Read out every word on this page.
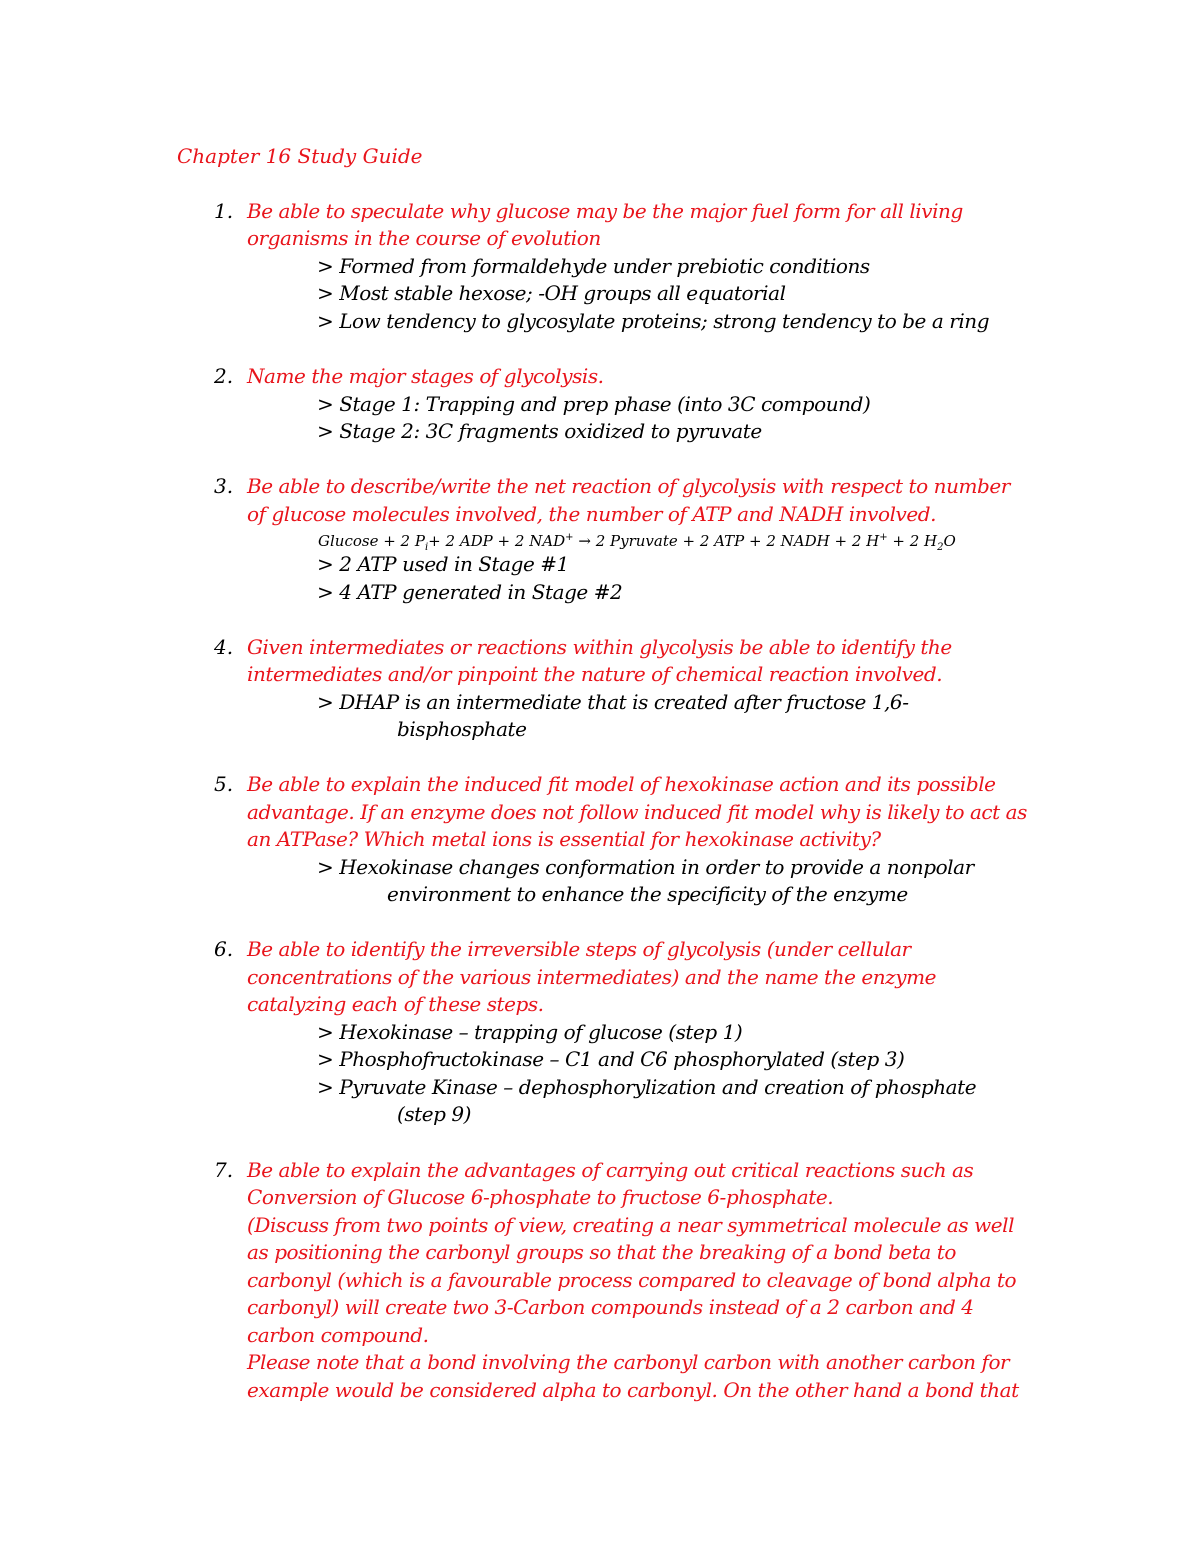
Chapter 16 Study Guide
1. Be able to speculate why glucose may be the major fuel form for all living
organisms in the course of evolution
> Formed from formaldehyde under prebiotic conditions
> Most stable hexose; -OH groups all equatorial
> Low tendency to glycosylate proteins; strong tendency to be a ring
2. Name the major stages of glycolysis.
> Stage 1: Trapping and prep phase (into 3C compound)
> Stage 2: 3C fragments oxidized to pyruvate
3. Be able to describe/write the net reaction of glycolysis with respect to number
of glucose molecules involved, the number of ATP and NADH involved.
Glucose + 2 $P_i+ 2$ ADP + 2 NAD+ → 2 Pyruvate + 2 ATP + 2 NADH + 2 H+ + 2 $H_2O$
> 2 ATP used in Stage #1
> 4 ATP generated in Stage #2
4. Given intermediates or reactions within glycolysis be able to identify the
intermediates and/or pinpoint the nature of chemical reaction involved.
> DHAP is an intermediate that is created after fructose 1,6-
bisphosphate
5. Be able to explain the induced fit model of hexokinase action and its possible
advantage. If an enzyme does not follow induced fit model why is likely to act as
an ATPase? Which metal ions is essential for hexokinase activity?
> Hexokinase changes conformation in order to provide a nonpolar
environment to enhance the specificity of the enzyme
6. Be able to identify the irreversible steps of glycolysis (under cellular
concentrations of the various intermediates) and the name the enzyme
catalyzing each of these steps.
> Hexokinase – trapping of glucose (step 1)
> Phosphofructokinase – C1 and C6 phosphorylated (step 3)
> Pyruvate Kinase – dephosphorylization and creation of phosphate
(step 9)
7. Be able to explain the advantages of carrying out critical reactions such as
Conversion of Glucose 6-phosphate to fructose 6-phosphate.
(Discuss from two points of view, creating a near symmetrical molecule as well
as positioning the carbonyl groups so that the breaking of a bond beta to
carbonyl (which is a favourable process compared to cleavage of bond alpha to
carbonyl) will create two 3-Carbon compounds instead of a 2 carbon and 4
carbon compound.
Please note that a bond involving the carbonyl carbon with another carbon for
example would be considered alpha to carbonyl. On the other hand a bond that
